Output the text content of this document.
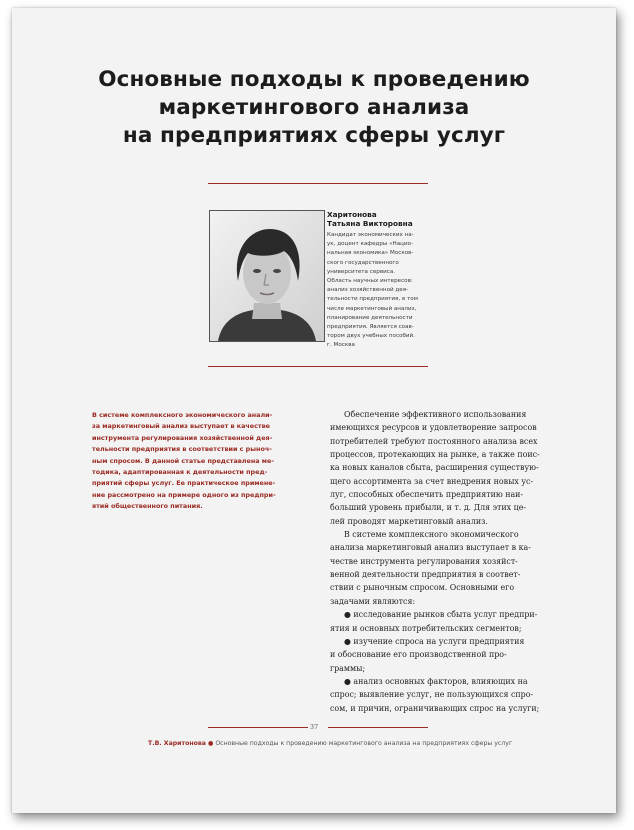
Основные подходы к проведению
маркетингового анализа
на предприятиях сферы услуг
Харитонова
Татьяна Викторовна
Кандидат экономических на-
ук, доцент кафедры «Нацио-
нальная экономика» Москов-
ского государственного
университета сервиса.
Область научных интересов:
анализ хозяйственной дея-
тельности предприятия, в том
числе маркетинговый анализ,
планирование деятельности
предприятия. Является соав-
тором двух учебных пособий.
г. Москва
В системе комплексного экономического анали-
за маркетинговый анализ выступает в качестве
инструмента регулирования хозяйственной дея-
тельности предприятия в соответствии с рыноч-
ным спросом. В данной статье представлена ме-
тодика, адаптированная к деятельности пред-
приятий сферы услуг. Ее практическое примене-
ние рассмотрено на примере одного из предпри-
ятий общественного питания.
Обеспечение эффективного использования
имеющихся ресурсов и удовлетворение запросов
потребителей требуют постоянного анализа всех
процессов, протекающих на рынке, а также поис-
ка новых каналов сбыта, расширения существую-
щего ассортимента за счет внедрения новых ус-
луг, способных обеспечить предприятию наи-
больший уровень прибыли, и т. д. Для этих це-
лей проводят маркетинговый анализ.
В системе комплексного экономического
анализа маркетинговый анализ выступает в ка-
честве инструмента регулирования хозяйст-
венной деятельности предприятия в соответ-
ствии с рыночным спросом. Основными его
задачами являются:
● исследование рынков сбыта услуг предпри-
ятия и основных потребительских сегментов;
● изучение спроса на услуги предприятия
и обоснование его производственной про-
граммы;
● анализ основных факторов, влияющих на
спрос; выявление услуг, не пользующихся спро-
сом, и причин, ограничивающих спрос на услуги;
37
Т.В. Харитонова ● Основные подходы к проведению маркетингового анализа на предприятиях сферы услуг
